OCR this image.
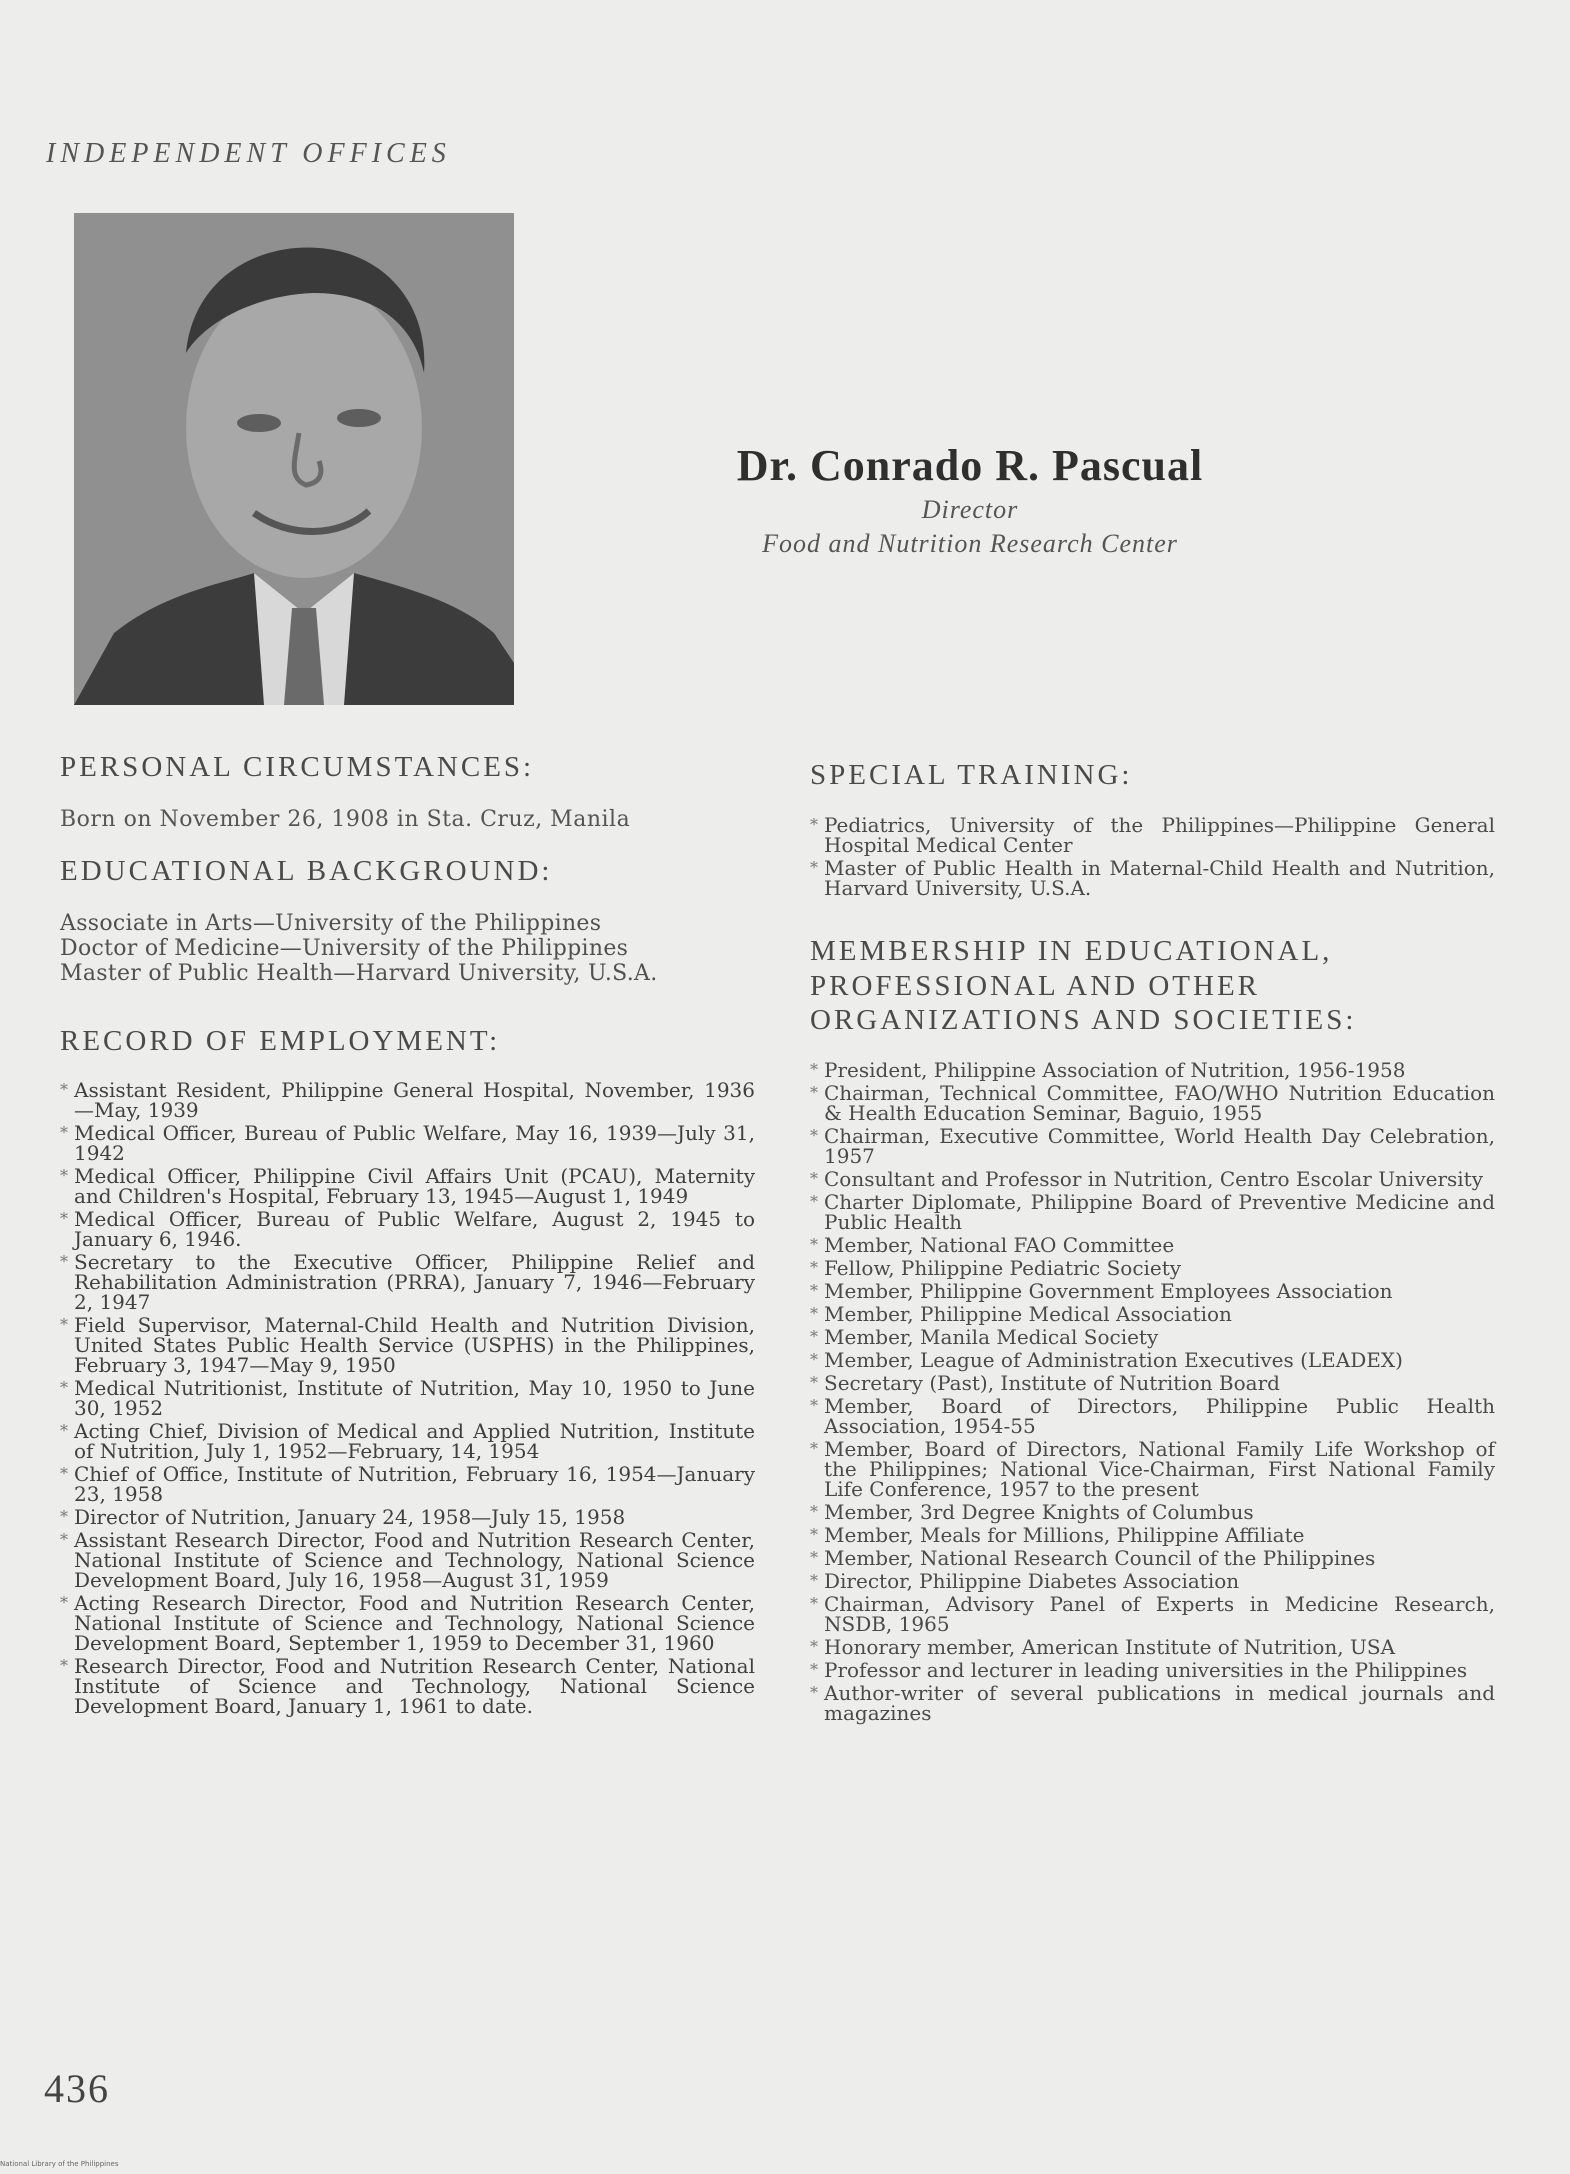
INDEPENDENT OFFICES
Dr. Conrado R. Pascual
Director
Food and Nutrition Research Center
PERSONAL CIRCUMSTANCES:
Born on November 26, 1908 in Sta. Cruz, Manila
EDUCATIONAL BACKGROUND:
Associate in Arts—University of the Philippines
Doctor of Medicine—University of the Philippines
Master of Public Health—Harvard University, U.S.A.
RECORD OF EMPLOYMENT:
* Assistant Resident, Philippine General Hospital, November, 1936—May, 1939
* Medical Officer, Bureau of Public Welfare, May 16, 1939—July 31, 1942
* Medical Officer, Philippine Civil Affairs Unit (PCAU), Maternity and Children's Hospital, February 13, 1945—August 1, 1949
* Medical Officer, Bureau of Public Welfare, August 2, 1945 to January 6, 1946.
* Secretary to the Executive Officer, Philippine Relief and Rehabilitation Administration (PRRA), January 7, 1946—February 2, 1947
* Field Supervisor, Maternal-Child Health and Nutrition Division, United States Public Health Service (USPHS) in the Philippines, February 3, 1947—May 9, 1950
* Medical Nutritionist, Institute of Nutrition, May 10, 1950 to June 30, 1952
* Acting Chief, Division of Medical and Applied Nutrition, Institute of Nutrition, July 1, 1952—February, 14, 1954
* Chief of Office, Institute of Nutrition, February 16, 1954—January 23, 1958
* Director of Nutrition, January 24, 1958—July 15, 1958
* Assistant Research Director, Food and Nutrition Research Center, National Institute of Science and Technology, National Science Development Board, July 16, 1958—August 31, 1959
* Acting Research Director, Food and Nutrition Research Center, National Institute of Science and Technology, National Science Development Board, September 1, 1959 to December 31, 1960
* Research Director, Food and Nutrition Research Center, National Institute of Science and Technology, National Science Development Board, January 1, 1961 to date.
SPECIAL TRAINING:
* Pediatrics, University of the Philippines—Philippine General Hospital Medical Center
* Master of Public Health in Maternal-Child Health and Nutrition, Harvard University, U.S.A.
MEMBERSHIP IN EDUCATIONAL, PROFESSIONAL AND OTHER ORGANIZATIONS AND SOCIETIES:
* President, Philippine Association of Nutrition, 1956-1958
* Chairman, Technical Committee, FAO/WHO Nutrition Education & Health Education Seminar, Baguio, 1955
* Chairman, Executive Committee, World Health Day Celebration, 1957
* Consultant and Professor in Nutrition, Centro Escolar University
* Charter Diplomate, Philippine Board of Preventive Medicine and Public Health
* Member, National FAO Committee
* Fellow, Philippine Pediatric Society
* Member, Philippine Government Employees Association
* Member, Philippine Medical Association
* Member, Manila Medical Society
* Member, League of Administration Executives (LEADEX)
* Secretary (Past), Institute of Nutrition Board
* Member, Board of Directors, Philippine Public Health Association, 1954-55
* Member, Board of Directors, National Family Life Workshop of the Philippines; National Vice-Chairman, First National Family Life Conference, 1957 to the present
* Member, 3rd Degree Knights of Columbus
* Member, Meals for Millions, Philippine Affiliate
* Member, National Research Council of the Philippines
* Director, Philippine Diabetes Association
* Chairman, Advisory Panel of Experts in Medicine Research, NSDB, 1965
* Honorary member, American Institute of Nutrition, USA
* Professor and lecturer in leading universities in the Philippines
* Author-writer of several publications in medical journals and magazines
436
National Library of the Philippines
